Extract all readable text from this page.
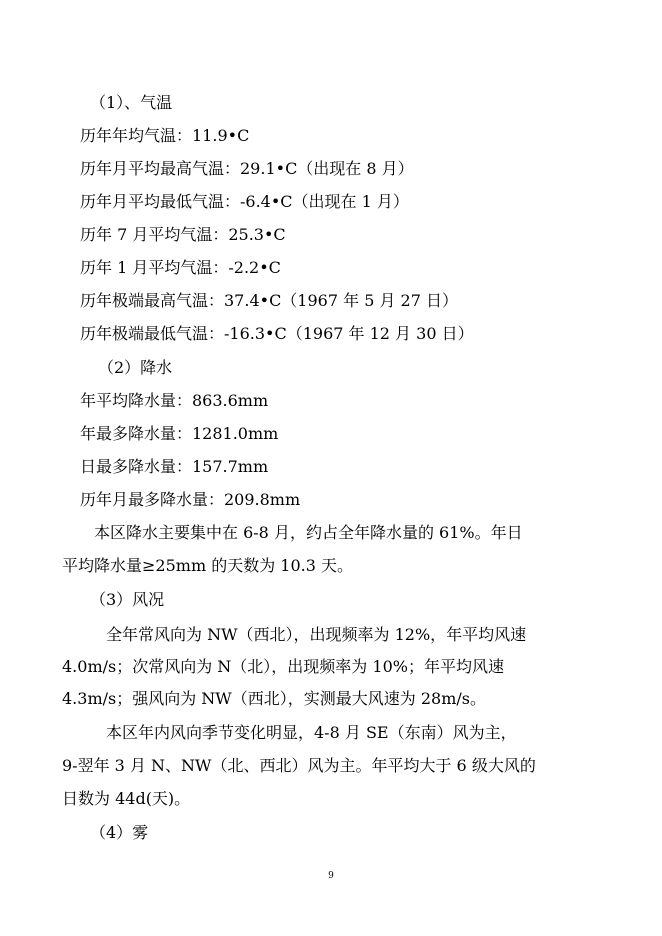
（1）、气温
历年年均气温：11.9•C
历年月平均最高气温：29.1•C（出现在 8 月）
历年月平均最低气温：-6.4•C（出现在 1 月）
历年 7 月平均气温：25.3•C
历年 1 月平均气温：-2.2•C
历年极端最高气温：37.4•C（1967 年 5 月 27 日）
历年极端最低气温：-16.3•C（1967 年 12 月 30 日）
（2）降水
年平均降水量：863.6mm
年最多降水量：1281.0mm
日最多降水量：157.7mm
历年月最多降水量：209.8mm
本区降水主要集中在 6-8 月，约占全年降水量的 61%。年日
平均降水量≥25mm 的天数为 10.3 天。
（3）风况
全年常风向为 NW（西北），出现频率为 12%，年平均风速
4.0m/s；次常风向为 N（北），出现频率为 10%；年平均风速
4.3m/s；强风向为 NW（西北），实测最大风速为 28m/s。
本区年内风向季节变化明显，4-8 月 SE（东南）风为主，
9-翌年 3 月 N、NW（北、西北）风为主。年平均大于 6 级大风的
日数为 44d(天)。
（4）雾
9
